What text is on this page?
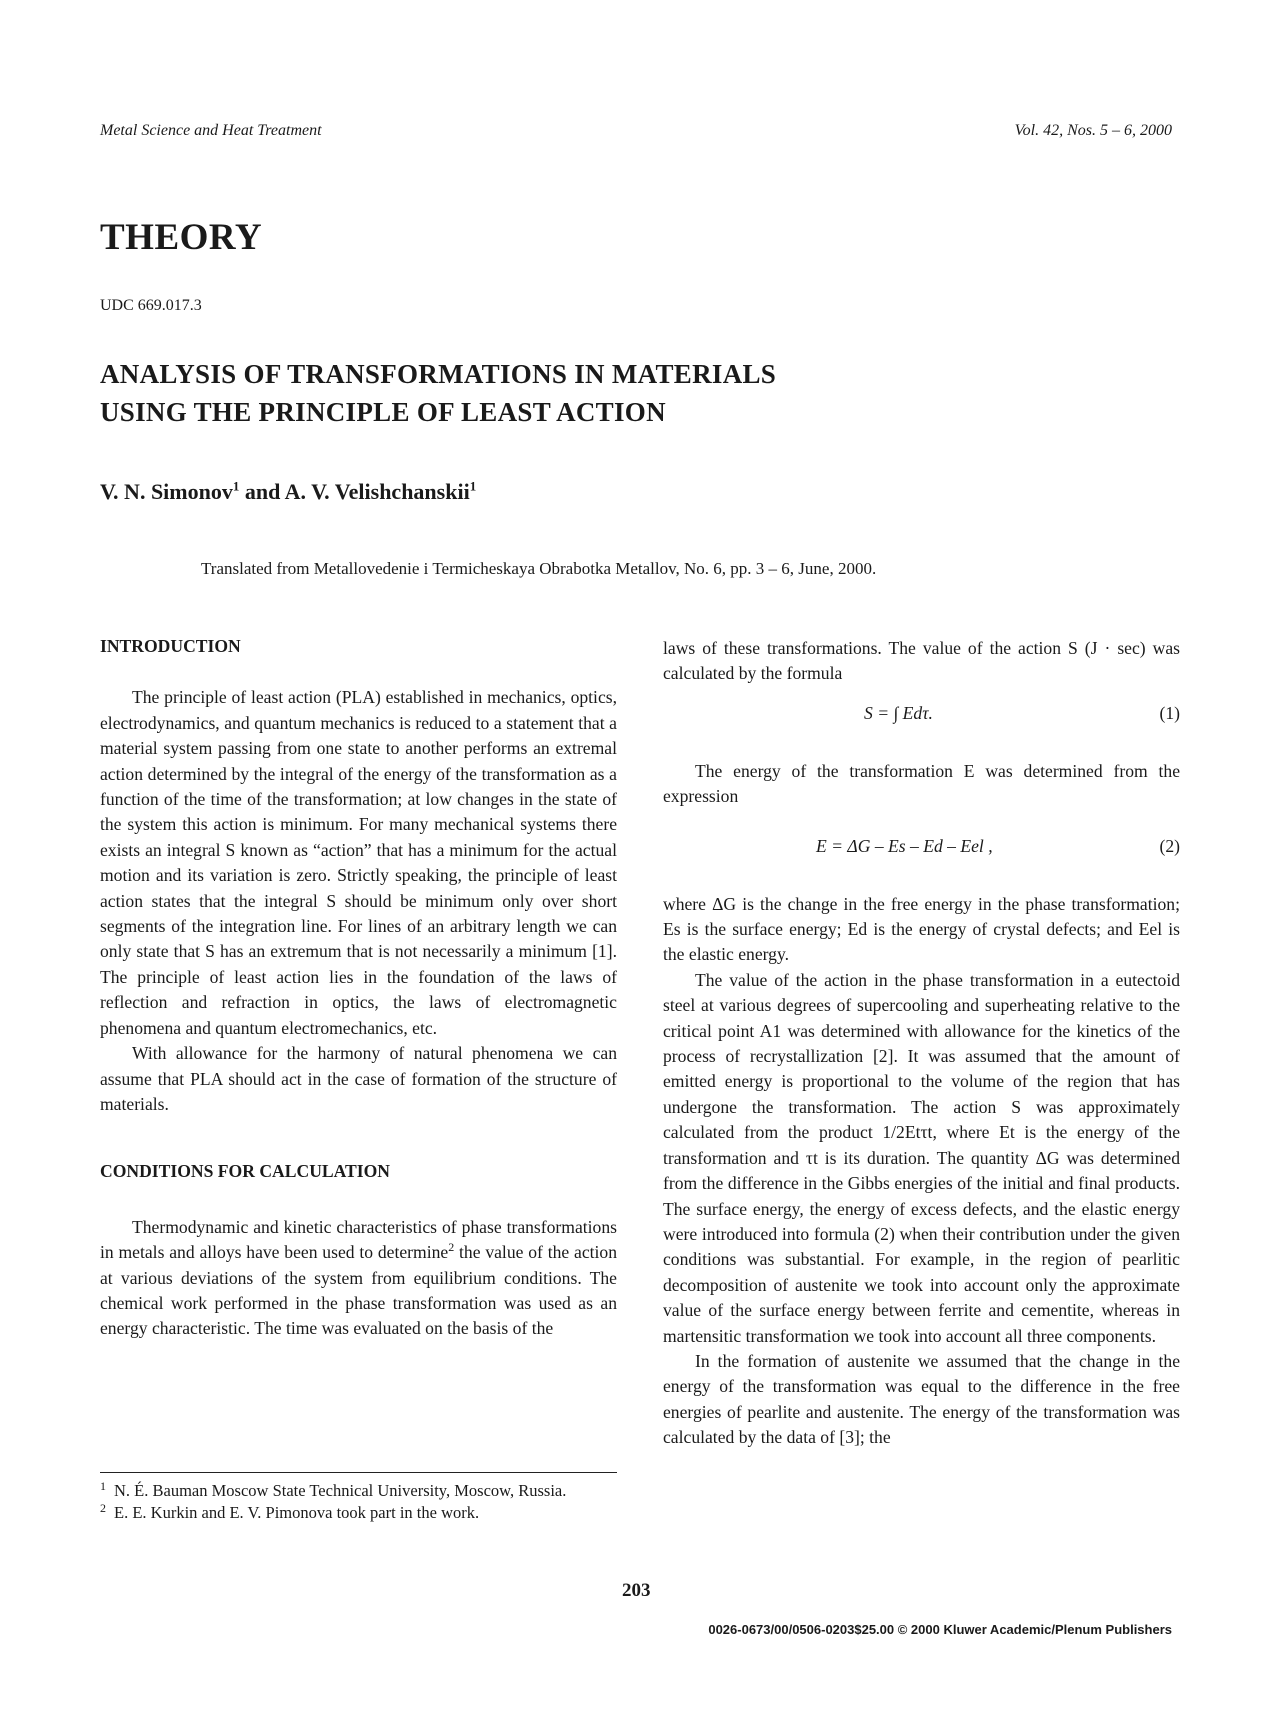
Metal Science and Heat Treatment	Vol. 42, Nos. 5 – 6, 2000
THEORY
UDC 669.017.3
ANALYSIS OF TRANSFORMATIONS IN MATERIALS
USING THE PRINCIPLE OF LEAST ACTION
V. N. Simonov$^1$ and A. V. Velishchanskii$^1$
Translated from Metallovedenie i Termicheskaya Obrabotka Metallov, No. 6, pp. 3 – 6, June, 2000.
INTRODUCTION

The principle of least action (PLA) established in mechanics, optics, electrodynamics, and quantum mechanics is reduced to a statement that a material system passing from one state to another performs an extremal action determined by the integral of the energy of the transformation as a function of the time of the transformation; at low changes in the state of the system this action is minimum. For many mechanical systems there exists an integral S known as “action” that has a minimum for the actual motion and its variation is zero. Strictly speaking, the principle of least action states that the integral S should be minimum only over short segments of the integration line. For lines of an arbitrary length we can only state that S has an extremum that is not necessarily a minimum [1]. The principle of least action lies in the foundation of the laws of reflection and refraction in optics, the laws of electromagnetic phenomena and quantum electromechanics, etc.

With allowance for the harmony of natural phenomena we can assume that PLA should act in the case of formation of the structure of materials.

CONDITIONS FOR CALCULATION

Thermodynamic and kinetic characteristics of phase transformations in metals and alloys have been used to determine$^2$ the value of the action at various deviations of the system from equilibrium conditions. The chemical work performed in the phase transformation was used as an energy characteristic. The time was evaluated on the basis of the

laws of these transformations. The value of the action S (J · sec) was calculated by the formula

S = ∫ Edτ.	(1)

The energy of the transformation E was determined from the expression

E = ΔG – Es – Ed – Eel ,	(2)

where ΔG is the change in the free energy in the phase transformation; Es is the surface energy; Ed is the energy of crystal defects; and Eel is the elastic energy.

The value of the action in the phase transformation in a eutectoid steel at various degrees of supercooling and superheating relative to the critical point A1 was determined with allowance for the kinetics of the process of recrystallization [2]. It was assumed that the amount of emitted energy is proportional to the volume of the region that has undergone the transformation. The action S was approximately calculated from the product 1/2Etτt, where Et is the energy of the transformation and τt is its duration. The quantity ΔG was determined from the difference in the Gibbs energies of the initial and final products. The surface energy, the energy of excess defects, and the elastic energy were introduced into formula (2) when their contribution under the given conditions was substantial. For example, in the region of pearlitic decomposition of austenite we took into account only the approximate value of the surface energy between ferrite and cementite, whereas in martensitic transformation we took into account all three components.

In the formation of austenite we assumed that the change in the energy of the transformation was equal to the difference in the free energies of pearlite and austenite. The energy of the transformation was calculated by the data of [3]; the

$^1$ N. É. Bauman Moscow State Technical University, Moscow, Russia.
$^2$ E. E. Kurkin and E. V. Pimonova took part in the work.
203
0026-0673/00/0506-0203$25.00 © 2000 Kluwer Academic/Plenum Publishers
